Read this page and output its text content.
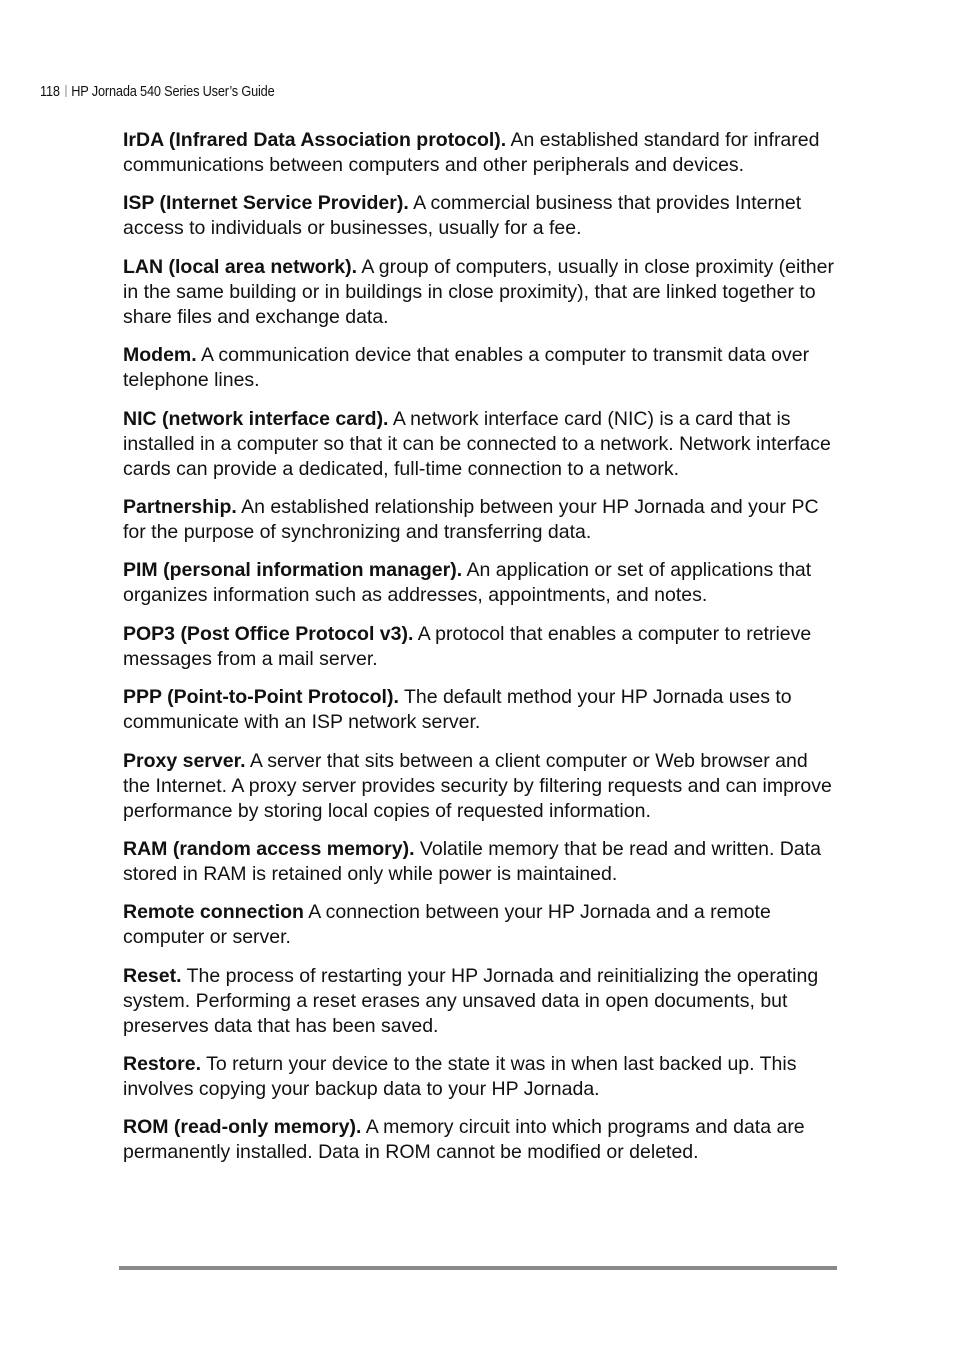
118 HP Jornada 540 Series User’s Guide

IrDA (Infrared Data Association protocol). An established standard for infrared communications between computers and other peripherals and devices.

ISP (Internet Service Provider). A commercial business that provides Internet access to individuals or businesses, usually for a fee.

LAN (local area network). A group of computers, usually in close proximity (either in the same building or in buildings in close proximity), that are linked together to share files and exchange data.

Modem. A communication device that enables a computer to transmit data over telephone lines.

NIC (network interface card). A network interface card (NIC) is a card that is installed in a computer so that it can be connected to a network. Network interface cards can provide a dedicated, full-time connection to a network.

Partnership. An established relationship between your HP Jornada and your PC for the purpose of synchronizing and transferring data.

PIM (personal information manager). An application or set of applications that organizes information such as addresses, appointments, and notes.

POP3 (Post Office Protocol v3). A protocol that enables a computer to retrieve messages from a mail server.

PPP (Point-to-Point Protocol). The default method your HP Jornada uses to communicate with an ISP network server.

Proxy server. A server that sits between a client computer or Web browser and the Internet. A proxy server provides security by filtering requests and can improve performance by storing local copies of requested information.

RAM (random access memory). Volatile memory that be read and written. Data stored in RAM is retained only while power is maintained.

Remote connection A connection between your HP Jornada and a remote computer or server.

Reset. The process of restarting your HP Jornada and reinitializing the operating system. Performing a reset erases any unsaved data in open documents, but preserves data that has been saved.

Restore. To return your device to the state it was in when last backed up. This involves copying your backup data to your HP Jornada.

ROM (read-only memory). A memory circuit into which programs and data are permanently installed. Data in ROM cannot be modified or deleted.
